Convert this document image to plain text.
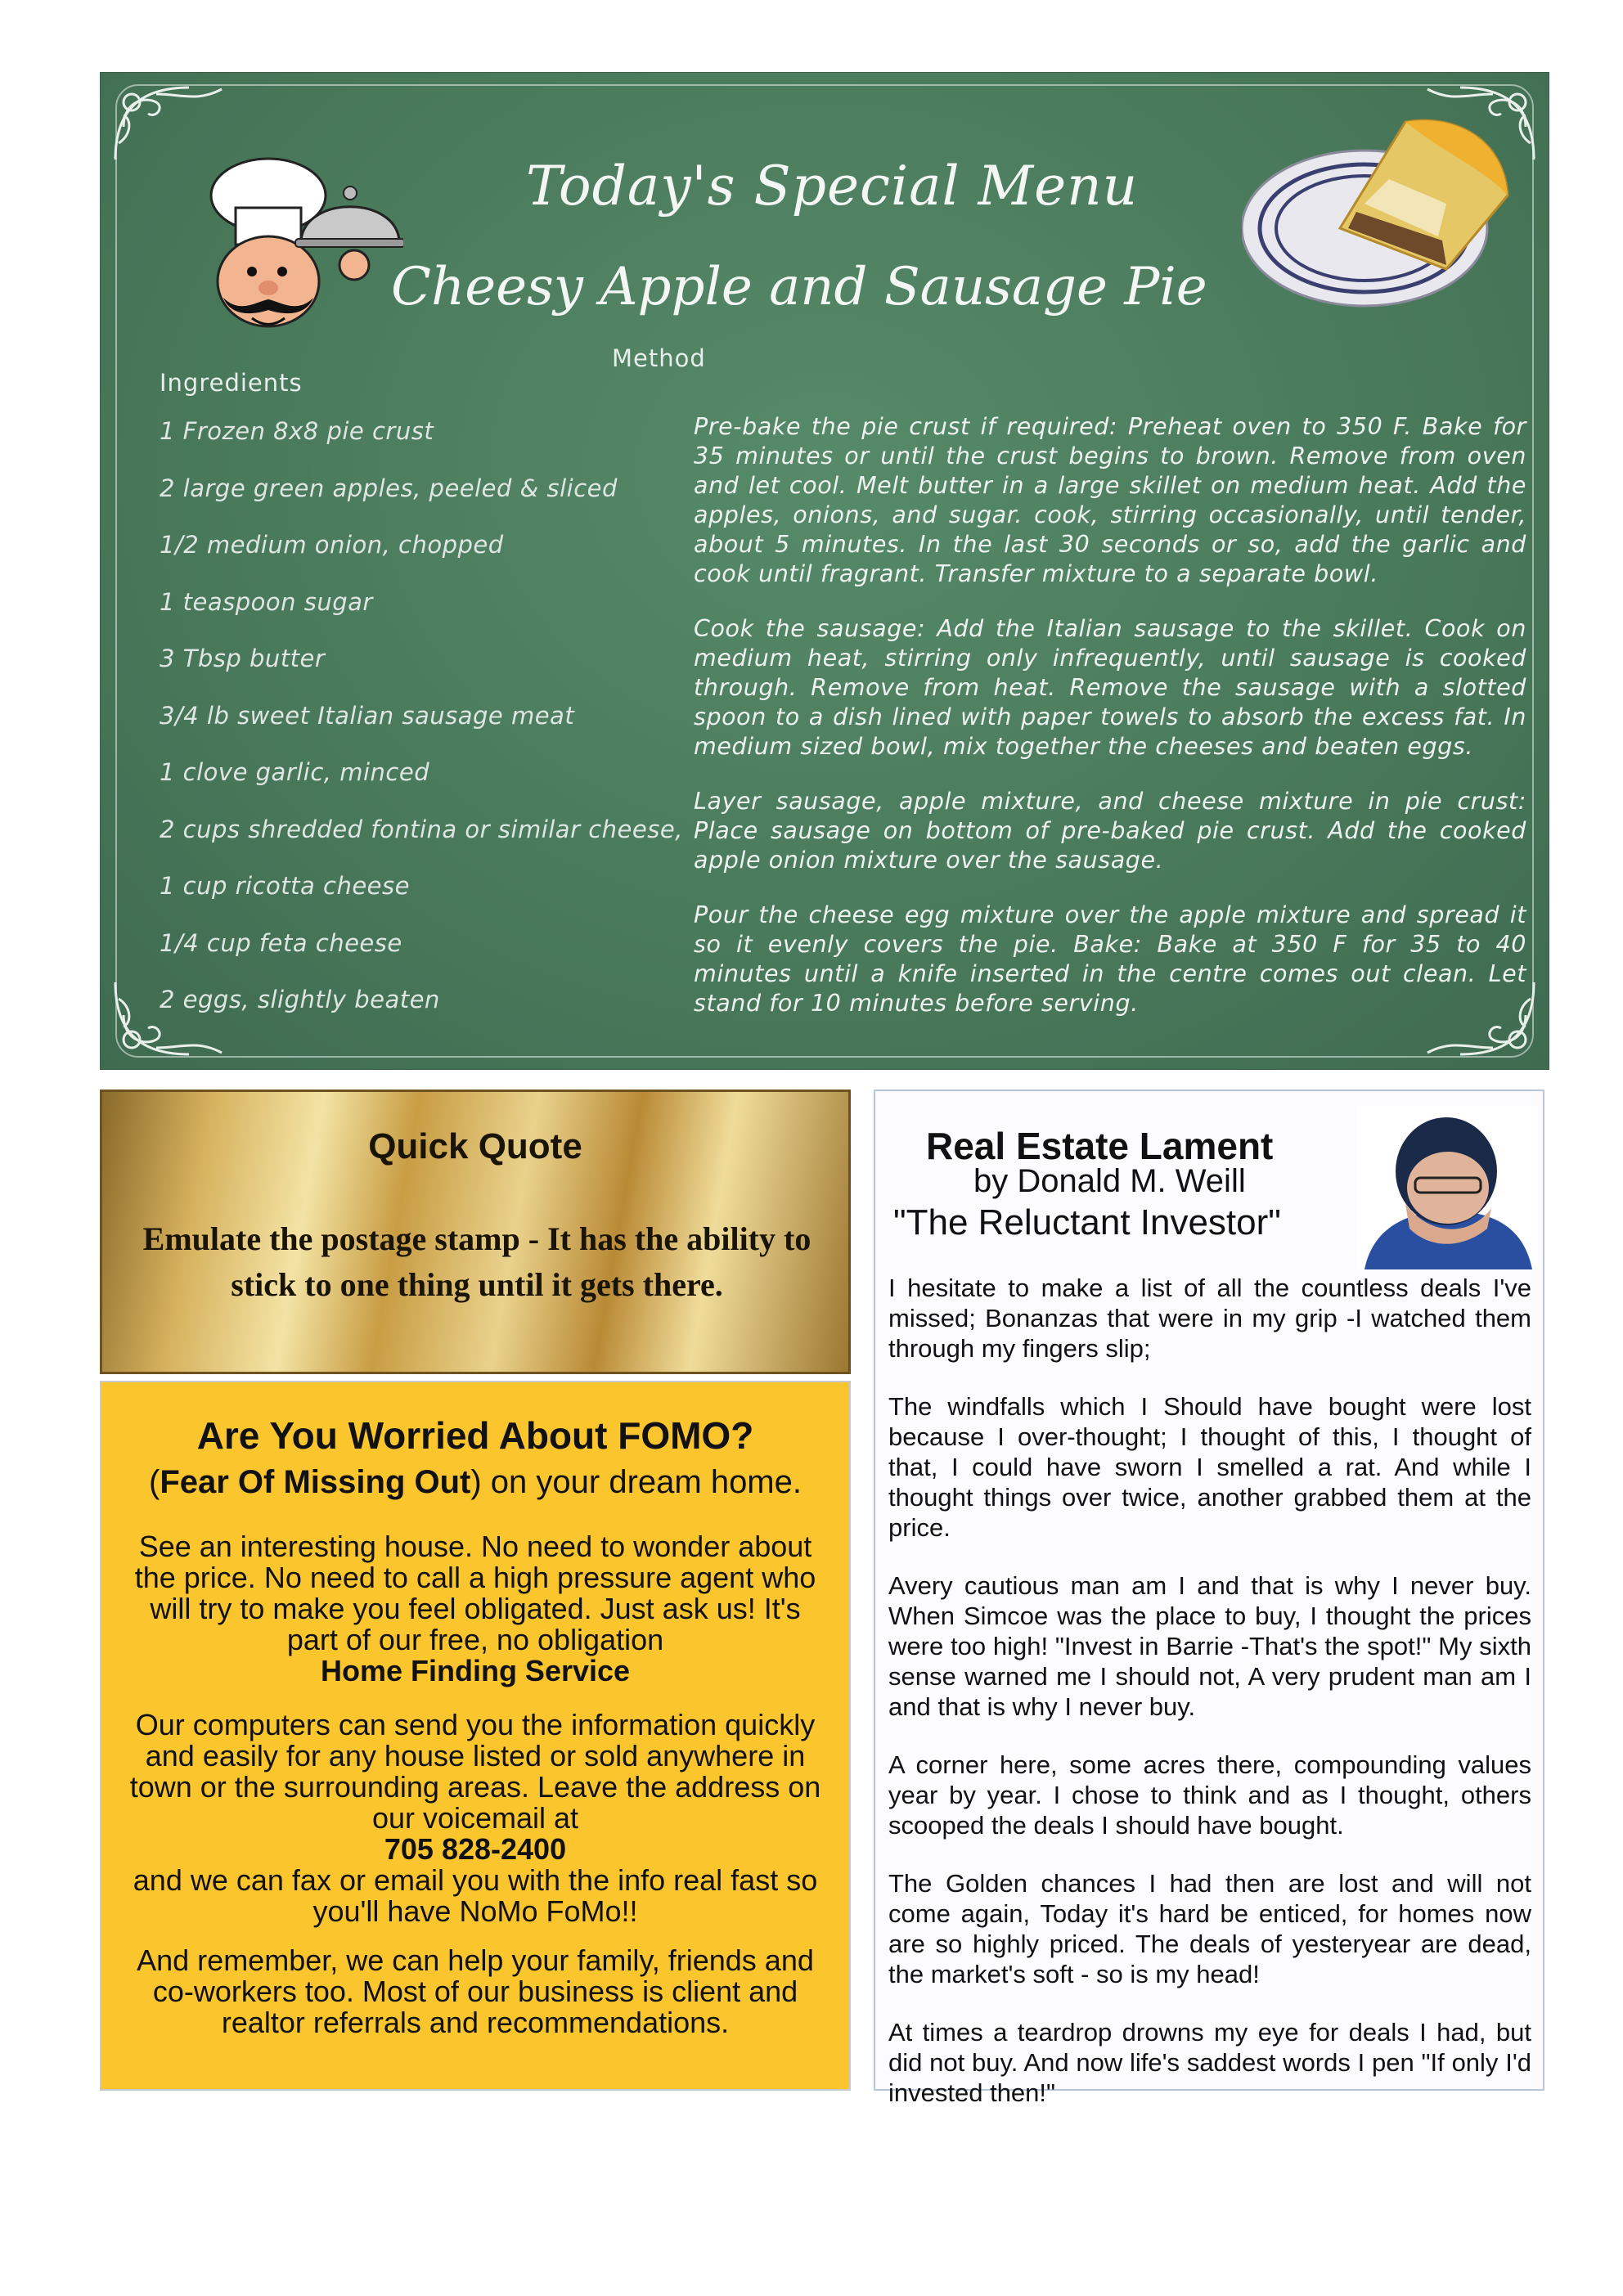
Today's Special Menu
Cheesy Apple and Sausage Pie
Ingredients
Method
1 Frozen 8x8 pie crust
2 large green apples, peeled & sliced
1/2 medium onion, chopped
1 teaspoon sugar
3 Tbsp butter
3/4 lb sweet Italian sausage meat
1 clove garlic, minced
2 cups shredded fontina or similar cheese,
1 cup ricotta cheese
1/4 cup feta cheese
2 eggs, slightly beaten

Pre-bake the pie crust if required: Preheat oven to 350 F. Bake for 35 minutes or until the crust begins to brown. Remove from oven and let cool. Melt butter in a large skillet on medium heat. Add the apples, onions, and sugar. cook, stirring occasionally, until tender, about 5 minutes. In the last 30 seconds or so, add the garlic and cook until fragrant. Transfer mixture to a separate bowl.

Cook the sausage: Add the Italian sausage to the skillet. Cook on medium heat, stirring only infrequently, until sausage is cooked through. Remove from heat. Remove the sausage with a slotted spoon to a dish lined with paper towels to absorb the excess fat. In medium sized bowl, mix together the cheeses and beaten eggs.

Layer sausage, apple mixture, and cheese mixture in pie crust: Place sausage on bottom of pre-baked pie crust. Add the cooked apple onion mixture over the sausage.

Pour the cheese egg mixture over the apple mixture and spread it so it evenly covers the pie. Bake: Bake at 350 F for 35 to 40 minutes until a knife inserted in the centre comes out clean. Let stand for 10 minutes before serving.

Quick Quote
Emulate the postage stamp - It has the ability to stick to one thing until it gets there.
Are You Worried About FOMO?
(Fear Of Missing Out) on your dream home.
See an interesting house. No need to wonder about the price. No need to call a high pressure agent who will try to make you feel obligated. Just ask us! It's part of our free, no obligation
Home Finding Service
Our computers can send you the information quickly and easily for any house listed or sold anywhere in town or the surrounding areas. Leave the address on our voicemail at
705 828-2400
and we can fax or email you with the info real fast so you'll have NoMo FoMo!!
And remember, we can help your family, friends and co-workers too. Most of our business is client and realtor referrals and recommendations.
Real Estate Lament
by Donald M. Weill
"The Reluctant Investor"

I hesitate to make a list of all the countless deals I've missed; Bonanzas that were in my grip -I watched them through my fingers slip;

The windfalls which I Should have bought were lost because I over-thought; I thought of this, I thought of that, I could have sworn I smelled a rat. And while I thought things over twice, another grabbed them at the price.

Avery cautious man am I and that is why I never buy. When Simcoe was the place to buy, I thought the prices were too high! "Invest in Barrie -That's the spot!" My sixth sense warned me I should not, A very prudent man am I and that is why I never buy.

A corner here, some acres there, compounding values year by year. I chose to think and as I thought, others scooped the deals I should have bought.

The Golden chances I had then are lost and will not come again, Today it's hard be enticed, for homes now are so highly priced. The deals of yesteryear are dead, the market's soft - so is my head!

At times a teardrop drowns my eye for deals I had, but did not buy. And now life's saddest words I pen "If only I'd invested then!"
